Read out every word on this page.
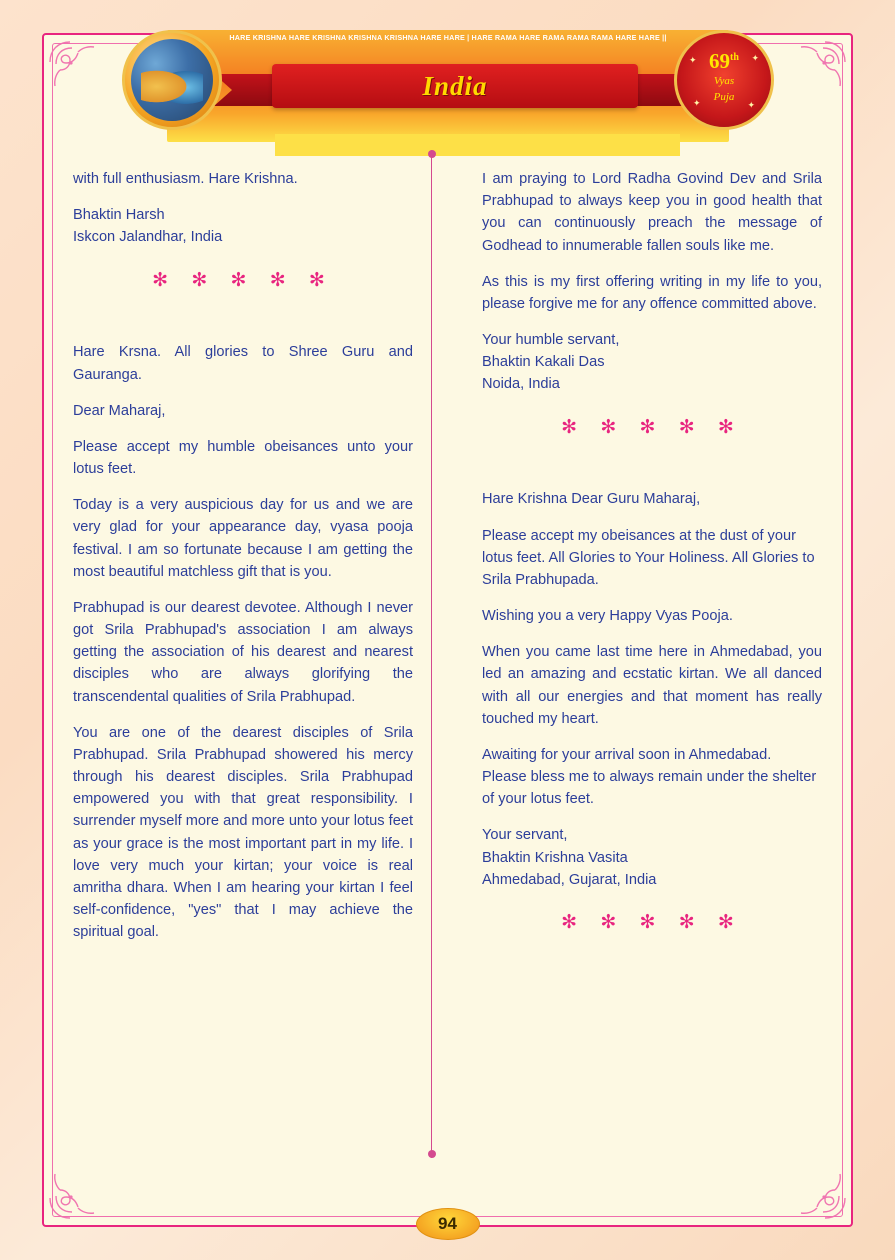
HARE KRISHNA HARE KRISHNA KRISHNA KRISHNA HARE HARE | HARE RAMA HARE RAMA RAMA RAMA HARE HARE ||
India
✦	✦
✦	✦
69th
Vyas
Puja

with full enthusiasm. Hare Krishna.

Bhaktin Harsh
Iskcon Jalandhar, India
✻ ✻ ✻ ✻ ✻

Hare Krsna. All glories to Shree Guru and Gauranga.

Dear Maharaj,

Please accept my humble obeisances unto your lotus feet.

Today is a very auspicious day for us and we are very glad for your appearance day, vyasa pooja festival. I am so fortunate because I am getting the most beautiful matchless gift that is you.

Prabhupad is our dearest devotee. Although I never got Srila Prabhupad's association I am always getting the association of his dearest and nearest disciples who are always glorifying the transcendental qualities of Srila Prabhupad.

You are one of the dearest disciples of Srila Prabhupad. Srila Prabhupad showered his mercy through his dearest disciples. Srila Prabhupad empowered you with that great responsibility. I surrender myself more and more unto your lotus feet as your grace is the most important part in my life. I love very much your kirtan; your voice is real amritha dhara. When I am hearing your kirtan I feel self-confidence, "yes" that I may achieve the spiritual goal.

I am praying to Lord Radha Govind Dev and Srila Prabhupad to always keep you in good health that you can continuously preach the message of Godhead to innumerable fallen souls like me.

As this is my first offering writing in my life to you, please forgive me for any offence committed above.

Your humble servant,
Bhaktin Kakali Das
Noida, India
✻ ✻ ✻ ✻ ✻

Hare Krishna Dear Guru Maharaj,

Please accept my obeisances at the dust of your lotus feet. All Glories to Your Holiness. All Glories to Srila Prabhupada.

Wishing you a very Happy Vyas Pooja.

When you came last time here in Ahmedabad, you led an amazing and ecstatic kirtan. We all danced with all our energies and that moment has really touched my heart.

Awaiting for your arrival soon in Ahmedabad.

Please bless me to always remain under the shelter of your lotus feet.

Your servant,
Bhaktin Krishna Vasita
Ahmedabad, Gujarat, India
✻ ✻ ✻ ✻ ✻
94
